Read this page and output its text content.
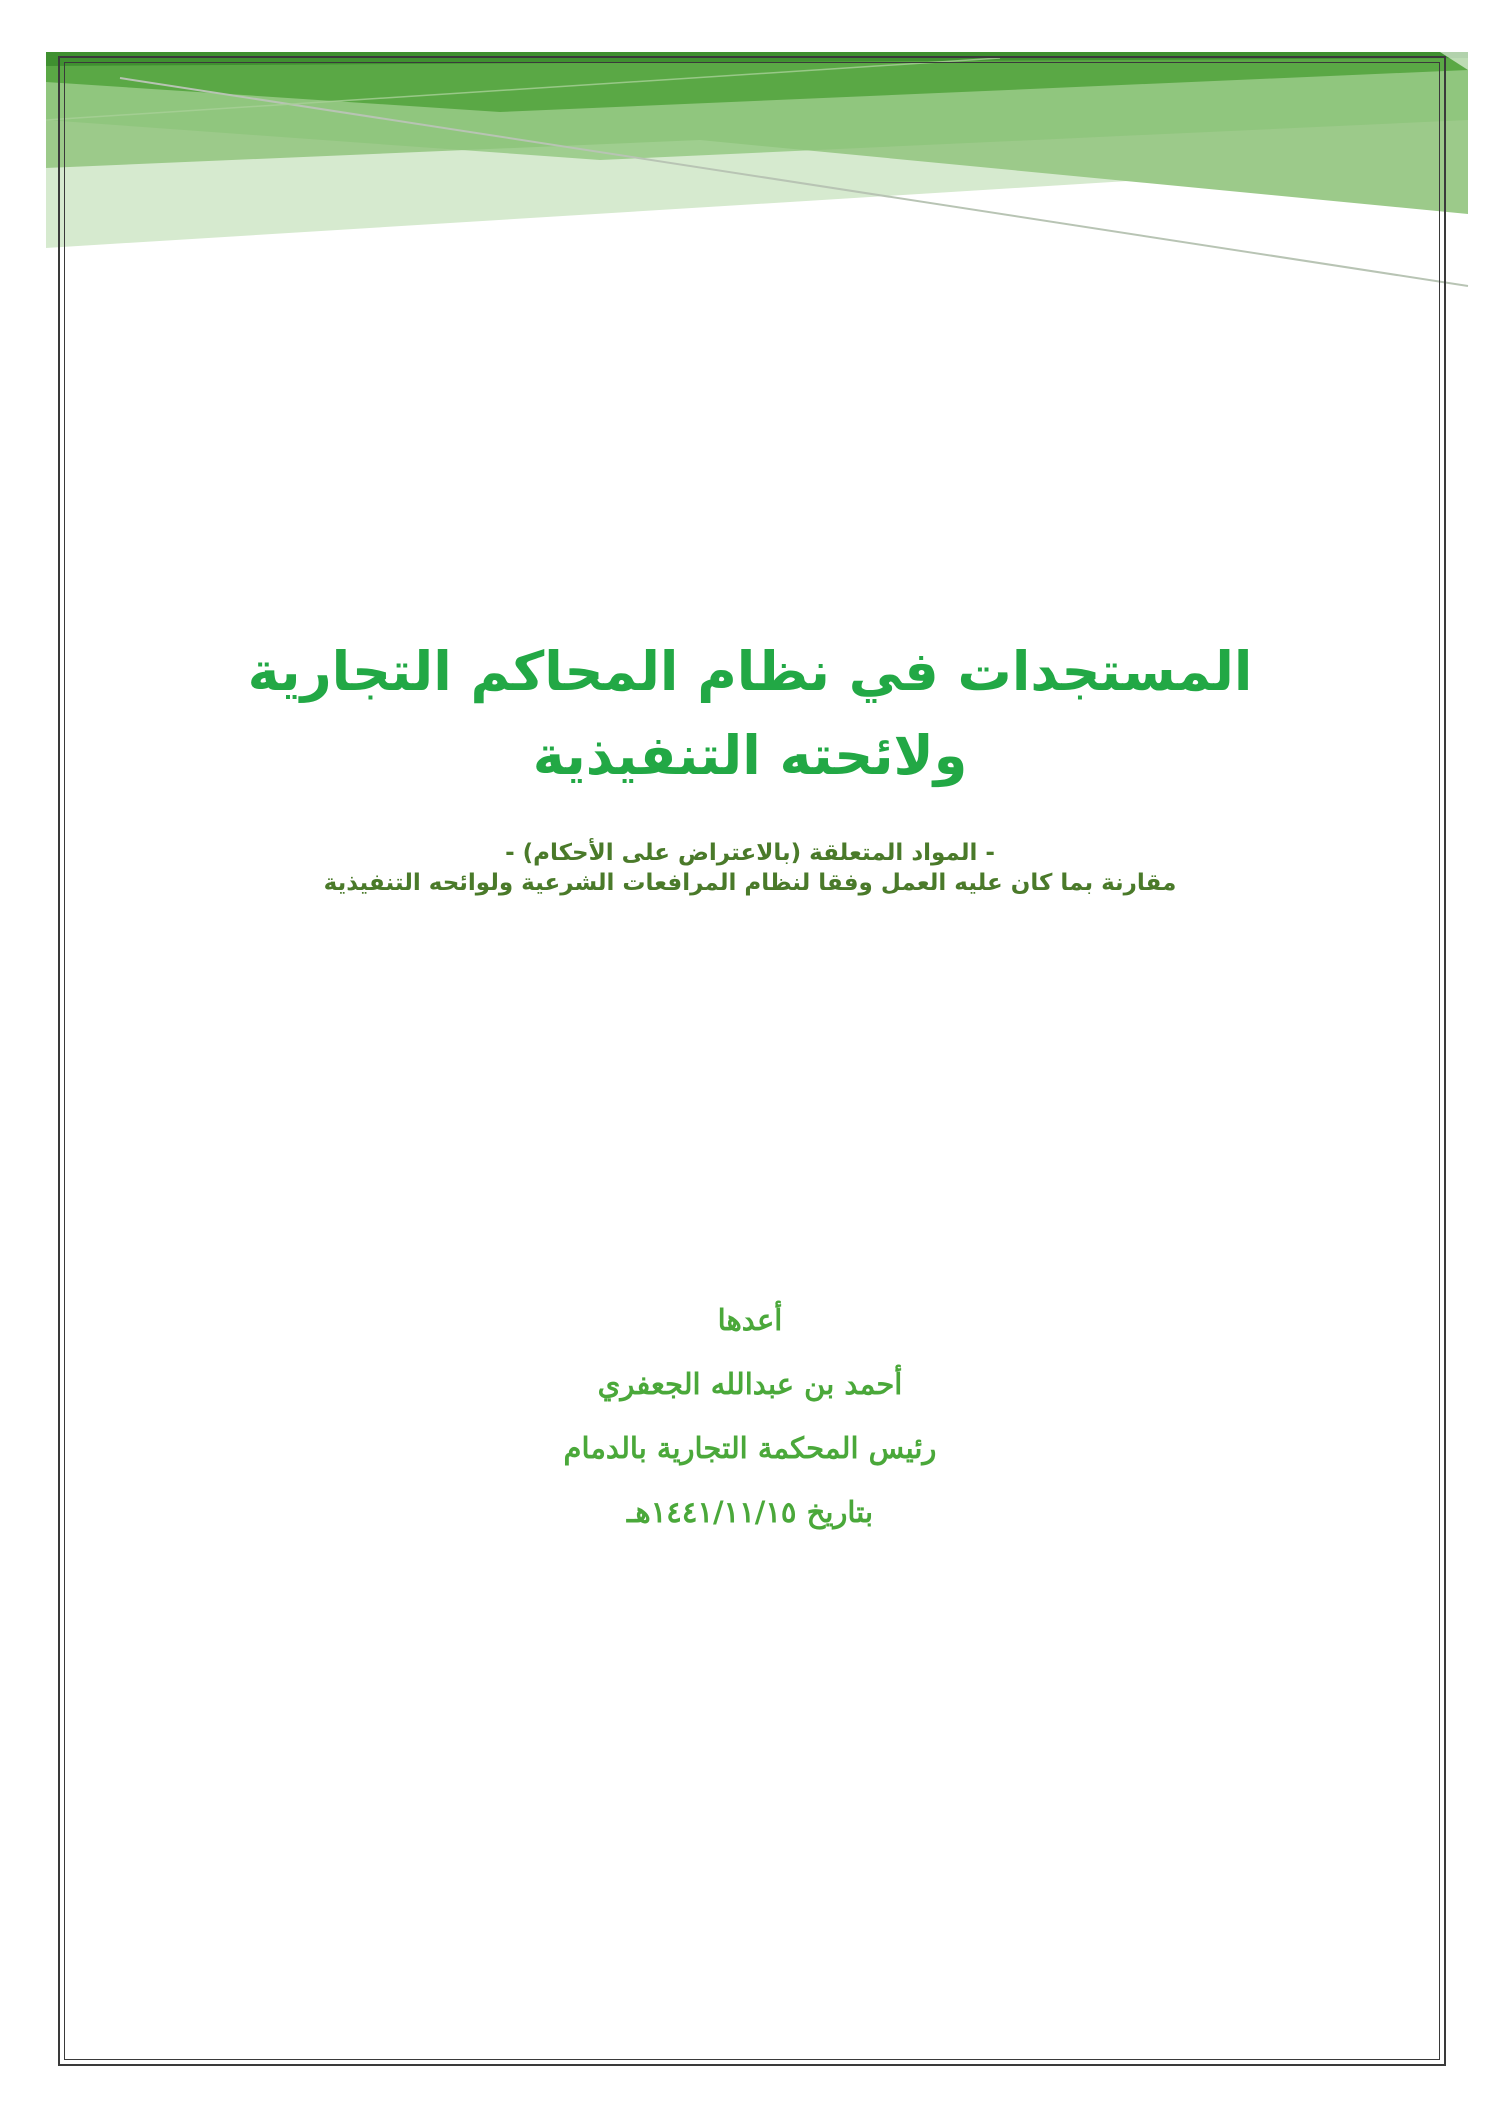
المستجدات في نظام المحاكم التجارية
ولائحته التنفيذية
- المواد المتعلقة (بالاعتراض على الأحكام) -
مقارنة بما كان عليه العمل وفقا لنظام المرافعات الشرعية ولوائحه التنفيذية
أعدها
أحمد بن عبدالله الجعفري
رئيس المحكمة التجارية بالدمام
بتاريخ ١٤٤١/١١/١٥هـ
